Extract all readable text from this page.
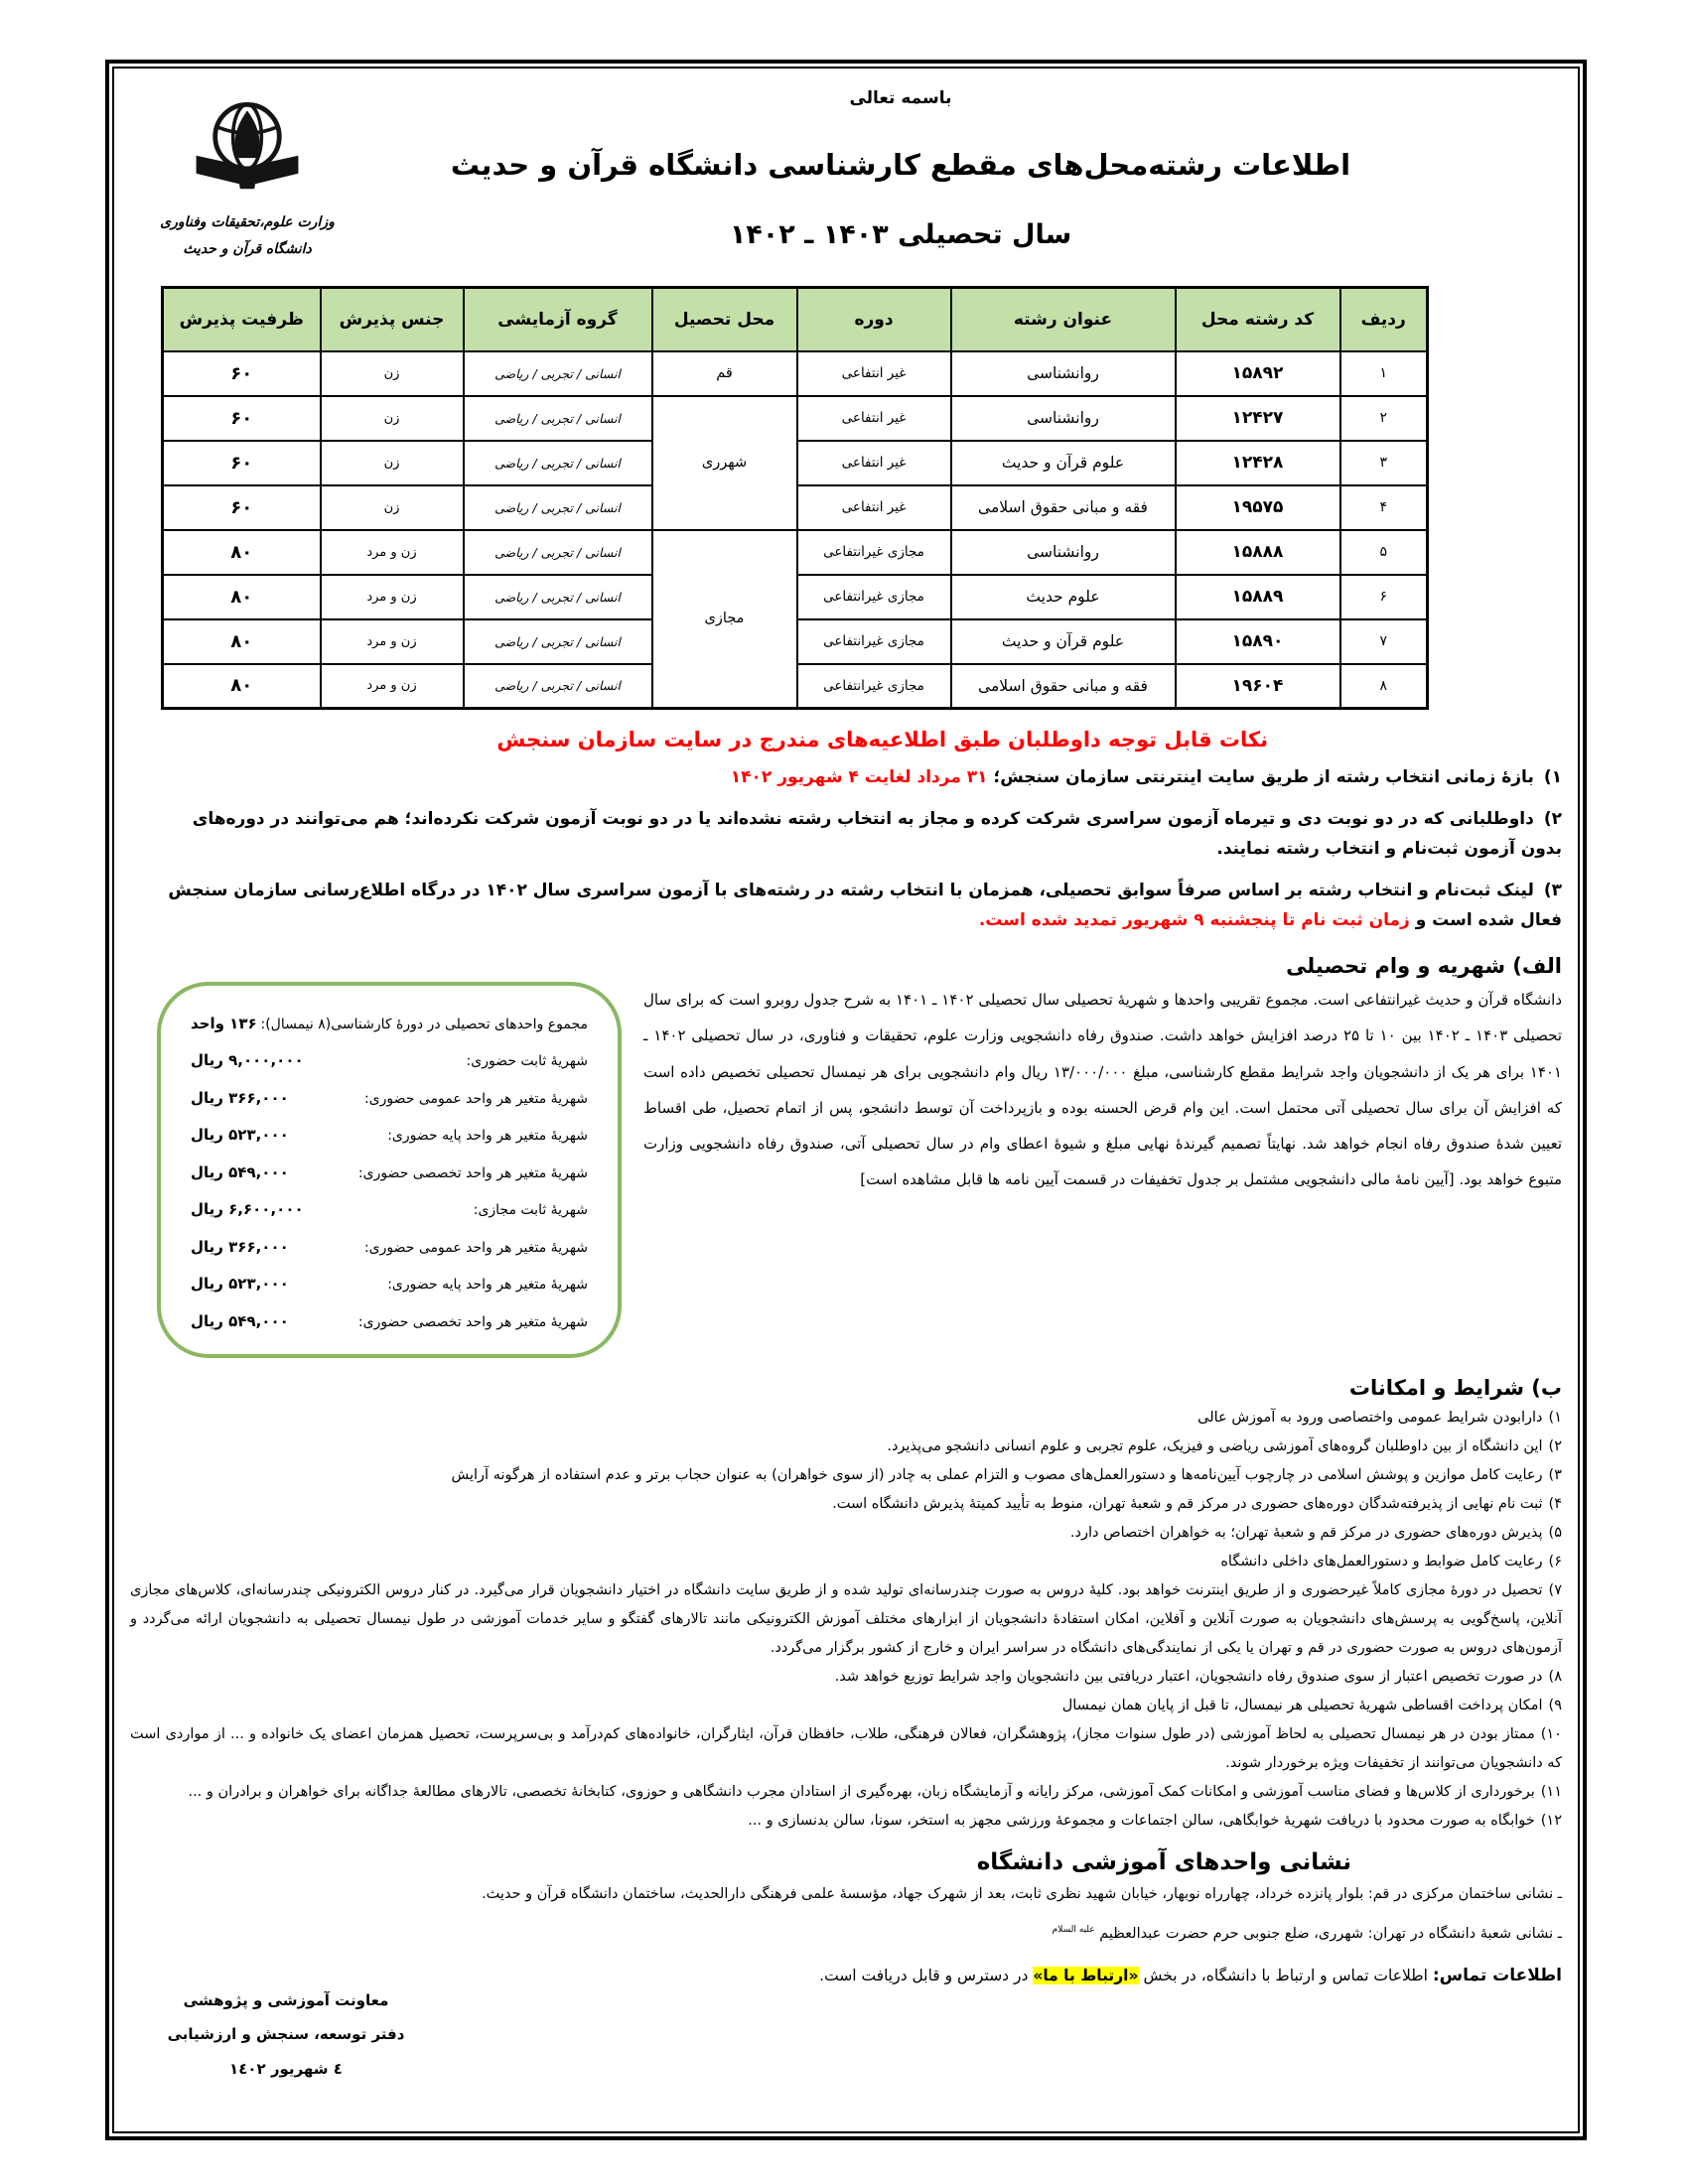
وزارت علوم،تحقیقات وفناوری
دانشگاه قرآن و حدیث
باسمه تعالی
اطلاعات رشته‌محل‌های مقطع کارشناسی دانشگاه قرآن و حدیث
سال تحصیلی ۱۴۰۳ ـ ۱۴۰۲
ردیف	کد رشته محل	عنوان رشته	دوره	محل تحصیل	گروه آزمایشی	جنس پذیرش	ظرفیت پذیرش
۱	۱۵۸۹۲	روانشناسی	غیر انتفاعی	قم	انسانی / تجربی / ریاضی	زن	۶۰
۲	۱۲۴۲۷	روانشناسی	غیر انتفاعی	شهرری	انسانی / تجربی / ریاضی	زن	۶۰
۳	۱۲۴۲۸	علوم قرآن و حدیث	غیر انتفاعی		انسانی / تجربی / ریاضی	زن	۶۰
۴	۱۹۵۷۵	فقه و مبانی حقوق اسلامی	غیر انتفاعی		انسانی / تجربی / ریاضی	زن	۶۰
۵	۱۵۸۸۸	روانشناسی	مجازی غیرانتفاعی	مجازی	انسانی / تجربی / ریاضی	زن و مرد	۸۰
۶	۱۵۸۸۹	علوم حدیث	مجازی غیرانتفاعی		انسانی / تجربی / ریاضی	زن و مرد	۸۰
۷	۱۵۸۹۰	علوم قرآن و حدیث	مجازی غیرانتفاعی		انسانی / تجربی / ریاضی	زن و مرد	۸۰
۸	۱۹۶۰۴	فقه و مبانی حقوق اسلامی	مجازی غیرانتفاعی		انسانی / تجربی / ریاضی	زن و مرد	۸۰
نکات قابل توجه داوطلبان طبق اطلاعیه‌های مندرج در سایت سازمان سنجش
۱)بازهٔ زمانی انتخاب رشته از طریق سایت اینترنتی سازمان سنجش؛ ۳۱ مرداد لغایت ۴ شهریور ۱۴۰۲
۲)داوطلبانی که در دو نوبت دی و تیرماه آزمون سراسری شرکت کرده و مجاز به انتخاب رشته نشده‌اند یا در دو نوبت آزمون شرکت نکرده‌اند؛ هم می‌توانند در دوره‌های بدون آزمون ثبت‌نام و انتخاب رشته نمایند.
۳)لینک ثبت‌نام و انتخاب رشته بر اساس صرفاً سوابق تحصیلی، همزمان با انتخاب رشته در رشته‌های با آزمون سراسری سال ۱۴۰۲ در درگاه اطلاع‌رسانی سازمان سنجش فعال شده است و زمان ثبت نام تا پنجشنبه ۹ شهریور تمدید شده است.
الف) شهریه و وام تحصیلی
دانشگاه قرآن و حدیث غیرانتفاعی است. مجموع تقریبی واحدها و شهریهٔ تحصیلی سال تحصیلی ۱۴۰۲ ـ ۱۴۰۱ به شرح جدول روبرو است که برای سال تحصیلی ۱۴۰۳ ـ ۱۴۰۲ بین ۱۰ تا ۲۵ درصد افزایش خواهد داشت. صندوق رفاه دانشجویی وزارت علوم، تحقیقات و فناوری، در سال تحصیلی ۱۴۰۲ ـ ۱۴۰۱ برای هر یک از دانشجویان واجد شرایط مقطع کارشناسی، مبلغ ۱۳/۰۰۰/۰۰۰ ریال وام دانشجویی برای هر نیمسال تحصیلی تخصیص داده است که افزایش آن برای سال تحصیلی آتی محتمل است. این وام قرض الحسنه بوده و بازپرداخت آن توسط دانشجو، پس از اتمام تحصیل، طی اقساط تعیین شدهٔ صندوق رفاه انجام خواهد شد. نهایتاً تصمیم گیرندهٔ نهایی مبلغ و شیوهٔ اعطای وام در سال تحصیلی آتی، صندوق رفاه دانشجویی وزارت متبوع خواهد بود. [آیین نامهٔ مالی دانشجویی مشتمل بر جدول تخفیفات در قسمت آیین نامه ها قابل مشاهده است]
مجموع واحدهای تحصیلی در دورهٔ کارشناسی(۸ نیمسال):
۱۳۶ واحد
شهریهٔ ثابت حضوری:
۹,۰۰۰,۰۰۰ ریال
شهریهٔ متغیر هر واحد عمومی حضوری:
۳۶۶,۰۰۰ ریال
شهریهٔ متغیر هر واحد پایه حضوری:
۵۲۳,۰۰۰ ریال
شهریهٔ متغیر هر واحد تخصصی حضوری:
۵۴۹,۰۰۰ ریال
شهریهٔ ثابت مجازی:
۶,۶۰۰,۰۰۰ ریال
شهریهٔ متغیر هر واحد عمومی حضوری:
۳۶۶,۰۰۰ ریال
شهریهٔ متغیر هر واحد پایه حضوری:
۵۲۳,۰۰۰ ریال
شهریهٔ متغیر هر واحد تخصصی حضوری:
۵۴۹,۰۰۰ ریال
ب) شرایط و امکانات
۱)دارابودن شرایط عمومی واختصاصی ورود به آموزش عالی
۲)این دانشگاه از بین داوطلبان گروه‌های آموزشی ریاضی و فیزیک، علوم تجربی و علوم انسانی دانشجو می‌پذیرد.
۳)رعایت کامل موازین و پوشش اسلامی در چارچوب آیین‌نامه‌ها و دستورالعمل‌های مصوب و التزام عملی به چادر (از سوی خواهران) به عنوان حجاب برتر و عدم استفاده از هرگونه آرایش
۴)ثبت نام نهایی از پذیرفته‌شدگان دوره‌های حضوری در مرکز قم و شعبهٔ تهران، منوط به تأیید کمیتهٔ پذیرش دانشگاه است.
۵)پذیرش دوره‌های حضوری در مرکز قم و شعبهٔ تهران؛ به خواهران اختصاص دارد.
۶)رعایت کامل ضوابط و دستورالعمل‌های داخلی دانشگاه
۷)تحصیل در دورهٔ مجازی کاملاً غیرحضوری و از طریق اینترنت خواهد بود. کلیهٔ دروس به صورت چندرسانه‌ای تولید شده و از طریق سایت دانشگاه در اختیار دانشجویان قرار می‌گیرد. در کنار دروس الکترونیکی چندرسانه‌ای، کلاس‌های مجازی آنلاین، پاسخ‌گویی به پرسش‌های دانشجویان به صورت آنلاین و آفلاین، امکان استفادهٔ دانشجویان از ابزارهای مختلف آموزش الکترونیکی مانند تالارهای گفتگو و سایر خدمات آموزشی در طول نیمسال تحصیلی به دانشجویان ارائه می‌گردد و آزمون‌های دروس به صورت حضوری در قم و تهران یا یکی از نمایندگی‌های دانشگاه در سراسر ایران و خارج از کشور برگزار می‌گردد.
۸)در صورت تخصیص اعتبار از سوی صندوق رفاه دانشجویان، اعتبار دریافتی بین دانشجویان واجد شرایط توزیع خواهد شد.
۹)امکان پرداخت اقساطی شهریهٔ تحصیلی هر نیمسال، تا قبل از پایان همان نیمسال
۱۰)ممتاز بودن در هر نیمسال تحصیلی به لحاظ آموزشی (در طول سنوات مجاز)، پژوهشگران، فعالان فرهنگی، طلاب، حافظان قرآن، ایثارگران، خانواده‌های کم‌درآمد و بی‌سرپرست، تحصیل همزمان اعضای یک خانواده و ... از مواردی است که دانشجویان می‌توانند از تخفیفات ویژه برخوردار شوند.
۱۱)برخورداری از کلاس‌ها و فضای مناسب آموزشی و امکانات کمک آموزشی، مرکز رایانه و آزمایشگاه زبان، بهره‌گیری از استادان مجرب دانشگاهی و حوزوی، کتابخانهٔ تخصصی، تالارهای مطالعهٔ جداگانه برای خواهران و برادران و ...
۱۲)خوابگاه به صورت محدود با دریافت شهریهٔ خوابگاهی، سالن اجتماعات و مجموعهٔ ورزشی مجهز به استخر، سونا، سالن بدنسازی و ...
نشانی واحدهای آموزشی دانشگاه
ـ نشانی ساختمان مرکزی در قم: بلوار پانزده خرداد، چهارراه نوبهار، خیابان شهید نظری ثابت، بعد از شهرک جهاد، مؤسسهٔ علمی فرهنگی دارالحدیث، ساختمان دانشگاه قرآن و حدیث.
ـ نشانی شعبهٔ دانشگاه در تهران: شهرری، ضلع جنوبی حرم حضرت عبدالعظیم $^{علیه السلام}$
اطلاعات تماس: اطلاعات تماس و ارتباط با دانشگاه، در بخش «ارتباط با ما» در دسترس و قابل دریافت است.
معاونت آموزشی و پژوهشی
دفتر توسعه، سنجش و ارزشیابی
٤ شهریور ١٤٠٢
